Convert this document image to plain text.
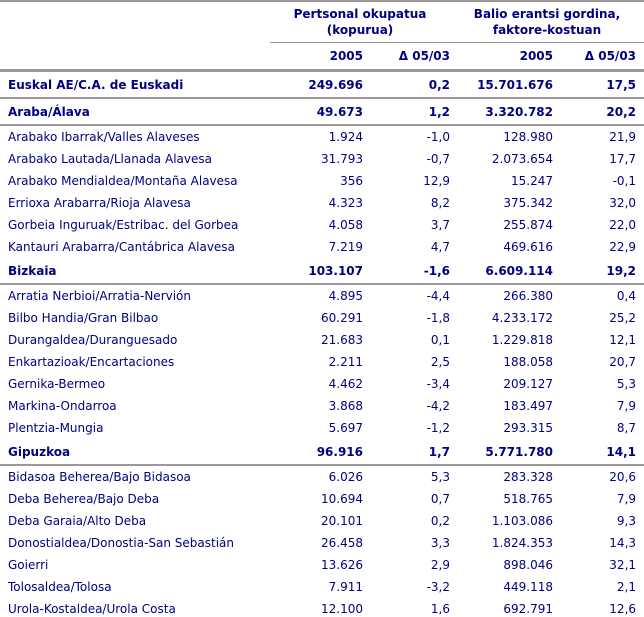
Pertsonal okupatua
(kopurua)

Balio erantsi gordina,
faktore-kostuan

	2005	Δ 05/03	2005	Δ 05/03
Euskal AE/C.A. de Euskadi	249.696	0,2	15.701.676	17,5
Araba/Álava	49.673	1,2	3.320.782	20,2
Arabako Ibarrak/Valles Alaveses	1.924	-1,0	128.980	21,9
Arabako Lautada/Llanada Alavesa	31.793	-0,7	2.073.654	17,7
Arabako Mendialdea/Montaña Alavesa	356	12,9	15.247	-0,1
Errioxa Arabarra/Rioja Alavesa	4.323	8,2	375.342	32,0
Gorbeia Inguruak/Estribac. del Gorbea	4.058	3,7	255.874	22,0
Kantauri Arabarra/Cantábrica Alavesa	7.219	4,7	469.616	22,9
Bizkaia	103.107	-1,6	6.609.114	19,2
Arratia Nerbioi/Arratia-Nervión	4.895	-4,4	266.380	0,4
Bilbo Handia/Gran Bilbao	60.291	-1,8	4.233.172	25,2
Durangaldea/Duranguesado	21.683	0,1	1.229.818	12,1
Enkartazioak/Encartaciones	2.211	2,5	188.058	20,7
Gernika-Bermeo	4.462	-3,4	209.127	5,3
Markina-Ondarroa	3.868	-4,2	183.497	7,9
Plentzia-Mungia	5.697	-1,2	293.315	8,7
Gipuzkoa	96.916	1,7	5.771.780	14,1
Bidasoa Beherea/Bajo Bidasoa	6.026	5,3	283.328	20,6
Deba Beherea/Bajo Deba	10.694	0,7	518.765	7,9
Deba Garaia/Alto Deba	20.101	0,2	1.103.086	9,3
Donostialdea/Donostia-San Sebastián	26.458	3,3	1.824.353	14,3
Goierri	13.626	2,9	898.046	32,1
Tolosaldea/Tolosa	7.911	-3,2	449.118	2,1
Urola-Kostaldea/Urola Costa	12.100	1,6	692.791	12,6
